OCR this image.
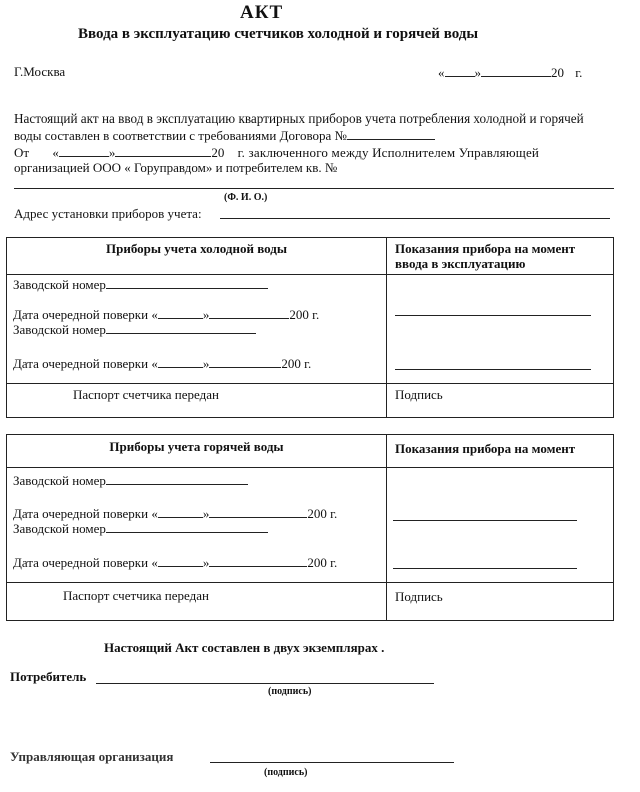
АКТ
Ввода в эксплуатацию счетчиков холодной и горячей воды
Г.Москва	« »	20 г.
Настоящий акт на ввод в эксплуатацию квартирных приборов учета потребления холодной и горячей
воды составлен в соответствии с требованиями Договора №
От «	»	20 г. заключенного между Исполнителем Управляющей
организацией ООО « Горуправдом» и потребителем кв. №
(Ф. И. О.)
Адрес установки приборов учета:
Приборы учета холодной воды	Показания прибора на момент ввода в эксплуатацию

Заводской номер
Дата очередной поверки « » 200 г.
Заводской номер
Дата очередной поверки « » 200 г.	

Паспорт счетчика передан	Подпись
Приборы учета горячей воды	Показания прибора на момент

Заводской номер
Дата очередной поверки « » 200 г.
Заводской номер
Дата очередной поверки « » 200 г.	

Паспорт счетчика передан	Подпись
Настоящий Акт составлен в двух экземплярах .
Потребитель
(подпись)
Управляющая организация
(подпись)
